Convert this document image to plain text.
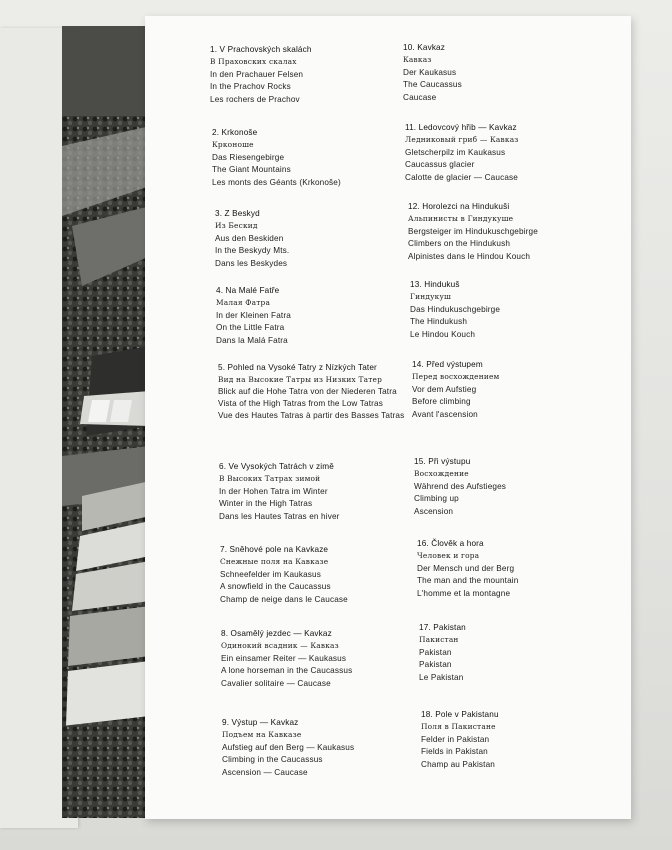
1. V Prachovských skalách
В Праховских скалах
In den Prachauer Felsen
In the Prachov Rocks
Les rochers de Prachov
2. Krkonoše
Крконоше
Das Riesengebirge
The Giant Mountains
Les monts des Géants (Krkonoše)
3. Z Beskyd
Из Бескид
Aus den Beskiden
In the Beskydy Mts.
Dans les Beskydes
4. Na Malé Fatře
Малая Фатра
In der Kleinen Fatra
On the Little Fatra
Dans la Malá Fatra
5. Pohled na Vysoké Tatry z Nízkých Tater
Вид на Высокие Татры из Низких Татер
Blick auf die Hohe Tatra von der Niederen Tatra
Vista of the High Tatras from the Low Tatras
Vue des Hautes Tatras à partir des Basses Tatras
6. Ve Vysokých Tatrách v zimě
В Высоких Татрах зимой
In der Hohen Tatra im Winter
Winter in the High Tatras
Dans les Hautes Tatras en hiver
7. Sněhové pole na Kavkaze
Снежные поля на Кавказе
Schneefelder im Kaukasus
A snowfield in the Caucassus
Champ de neige dans le Caucase
8. Osamělý jezdec — Kavkaz
Одинокий всадник — Кавказ
Ein einsamer Reiter — Kaukasus
A lone horseman in the Caucassus
Cavalier solitaire — Caucase
9. Výstup — Kavkaz
Подъем на Кавказе
Aufstieg auf den Berg — Kaukasus
Climbing in the Caucassus
Ascension — Caucase
10. Kavkaz
Кавказ
Der Kaukasus
The Caucassus
Caucase
11. Ledovcový hřib — Kavkaz
Ледниковый гриб — Кавказ
Gletscherpilz im Kaukasus
Caucassus glacier
Calotte de glacier — Caucase
12. Horolezci na Hindukuši
Альпинисты в Гиндукуше
Bergsteiger im Hindukuschgebirge
Climbers on the Hindukush
Alpinistes dans le Hindou Kouch
13. Hindukuš
Гиндукуш
Das Hindukuschgebirge
The Hindukush
Le Hindou Kouch
14. Před výstupem
Перед восхождением
Vor dem Aufstieg
Before climbing
Avant l'ascension
15. Při výstupu
Восхождение
Während des Aufstieges
Climbing up
Ascension
16. Člověk a hora
Человек и гора
Der Mensch und der Berg
The man and the mountain
L'homme et la montagne
17. Pakistan
Пакистан
Pakistan
Pakistan
Le Pakistan
18. Pole v Pakistanu
Поля в Пакистане
Felder in Pakistan
Fields in Pakistan
Champ au Pakistan
